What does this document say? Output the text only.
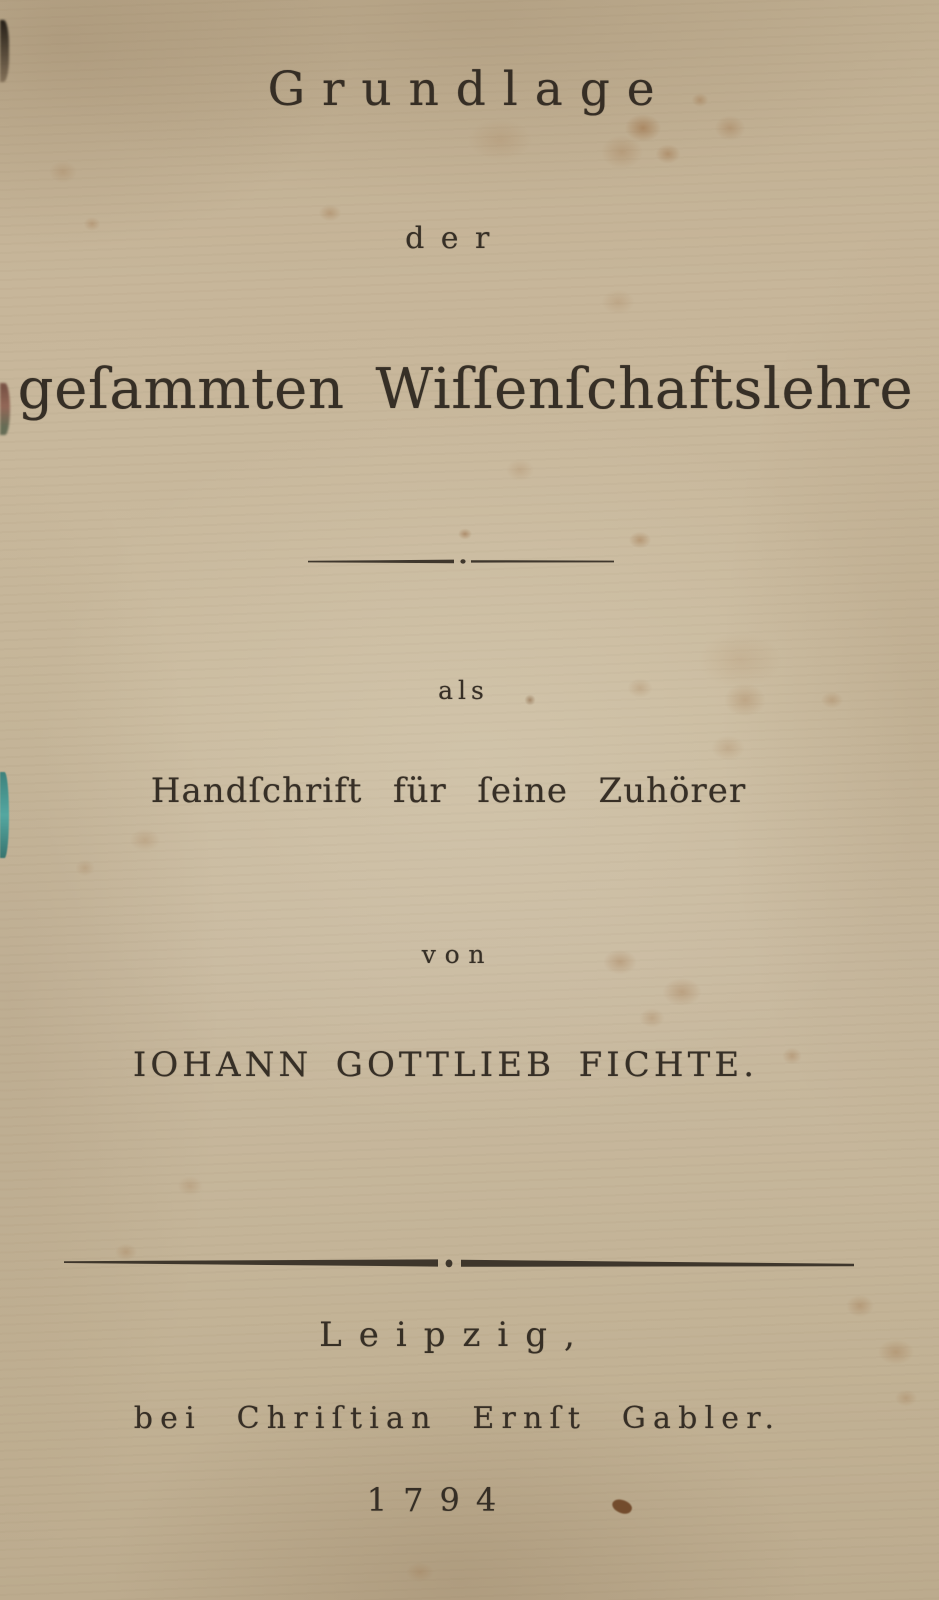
Grundlage
der
geſammten Wiſſenſchaftslehre
als
Handſchrift für ſeine Zuhörer
von
IOHANN GOTTLIEB FICHTE.
Leipzig,
bei Chriſtian Ernſt Gabler.
1794
